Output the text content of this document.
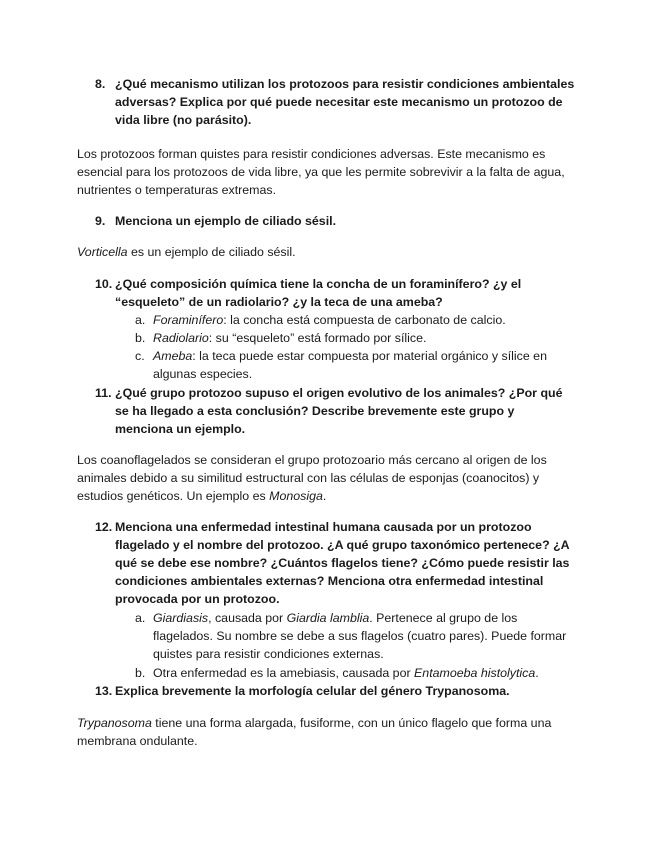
8. ¿Qué mecanismo utilizan los protozoos para resistir condiciones ambientales adversas? Explica por qué puede necesitar este mecanismo un protozoo de vida libre (no parásito).
Los protozoos forman quistes para resistir condiciones adversas. Este mecanismo es esencial para los protozoos de vida libre, ya que les permite sobrevivir a la falta de agua, nutrientes o temperaturas extremas.
9. Menciona un ejemplo de ciliado sésil.
Vorticella es un ejemplo de ciliado sésil.
10. ¿Qué composición química tiene la concha de un foraminífero? ¿y el “esqueleto” de un radiolario? ¿y la teca de una ameba?
a. Foraminífero: la concha está compuesta de carbonato de calcio.
b. Radiolario: su “esqueleto” está formado por sílice.
c. Ameba: la teca puede estar compuesta por material orgánico y sílice en algunas especies.
11. ¿Qué grupo protozoo supuso el origen evolutivo de los animales? ¿Por qué se ha llegado a esta conclusión? Describe brevemente este grupo y menciona un ejemplo.
Los coanoflagelados se consideran el grupo protozoario más cercano al origen de los animales debido a su similitud estructural con las células de esponjas (coanocitos) y estudios genéticos. Un ejemplo es Monosiga.
12. Menciona una enfermedad intestinal humana causada por un protozoo flagelado y el nombre del protozoo. ¿A qué grupo taxonómico pertenece? ¿A qué se debe ese nombre? ¿Cuántos flagelos tiene? ¿Cómo puede resistir las condiciones ambientales externas? Menciona otra enfermedad intestinal provocada por un protozoo.
a. Giardiasis, causada por Giardia lamblia. Pertenece al grupo de los flagelados. Su nombre se debe a sus flagelos (cuatro pares). Puede formar quistes para resistir condiciones externas.
b. Otra enfermedad es la amebiasis, causada por Entamoeba histolytica.
13. Explica brevemente la morfología celular del género Trypanosoma.
Trypanosoma tiene una forma alargada, fusiforme, con un único flagelo que forma una membrana ondulante.
